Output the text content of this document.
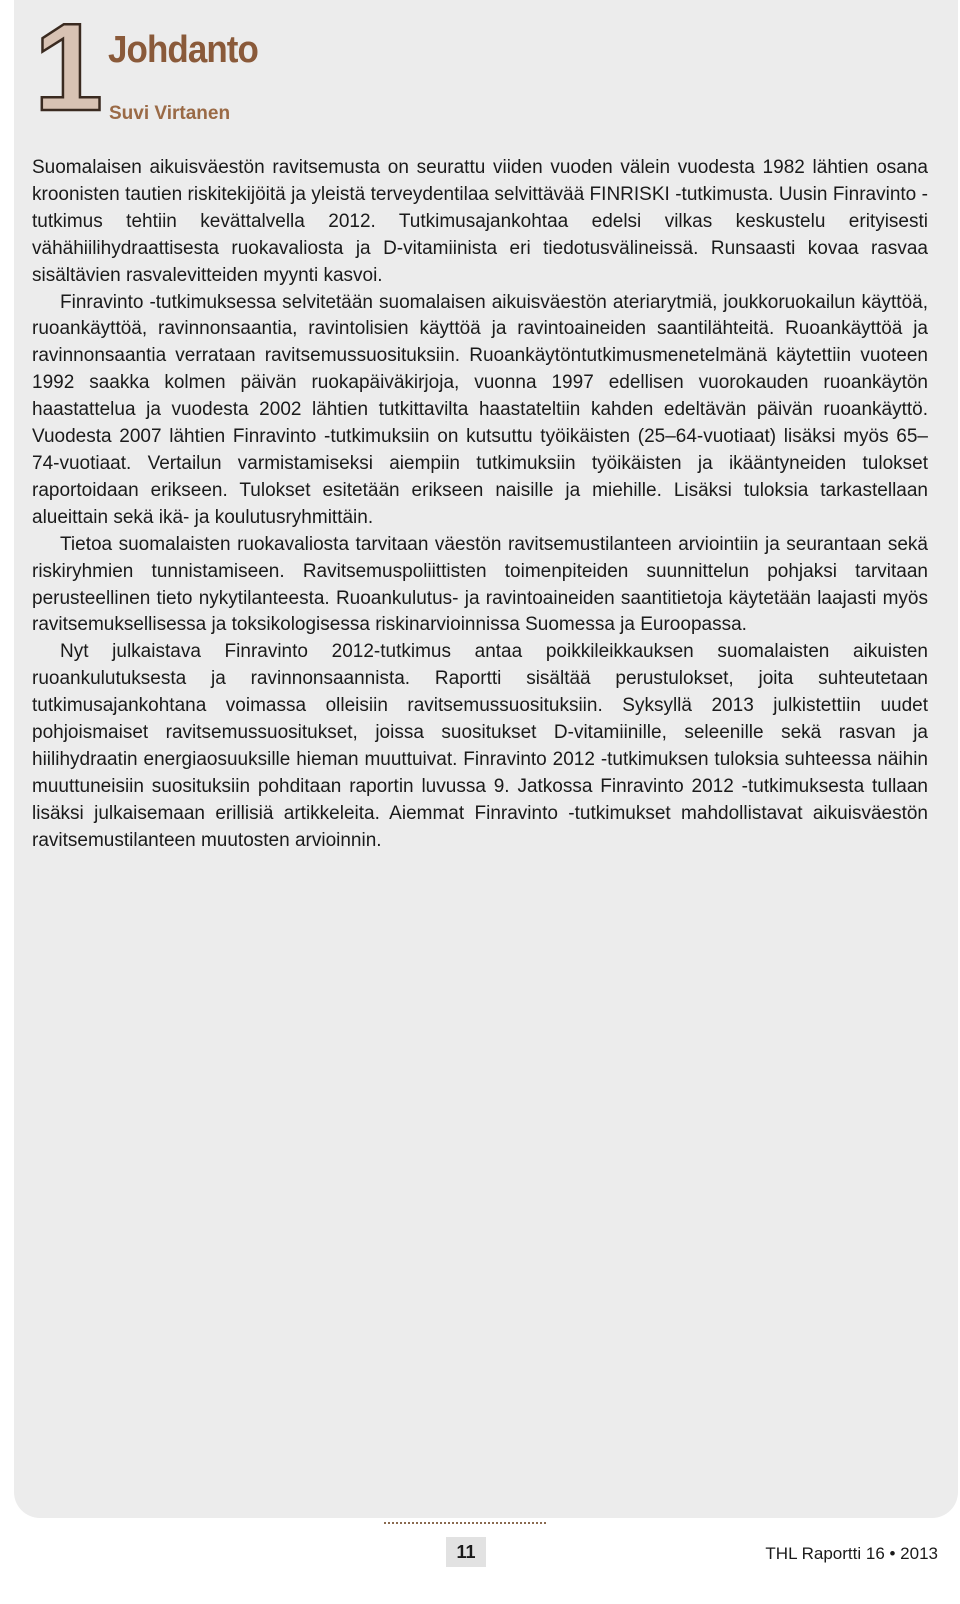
1 Johdanto
Suvi Virtanen

Suomalaisen aikuisväestön ravitsemusta on seurattu viiden vuoden välein vuodesta 1982 lähtien osana kroonisten tautien riskitekijöitä ja yleistä terveydentilaa selvittävää FINRISKI -tutkimusta. Uusin Finravinto -tutkimus tehtiin kevättalvella 2012. Tutkimusajankohtaa edelsi vilkas keskustelu erityisesti vähähiilihydraattisesta ruokavaliosta ja D-vitamiinista eri tiedotusvälineissä. Runsaasti kovaa rasvaa sisältävien rasvalevitteiden myynti kasvoi.

Finravinto -tutkimuksessa selvitetään suomalaisen aikuisväestön ateriarytmiä, joukkoruokailun käyttöä, ruoankäyttöä, ravinnonsaantia, ravintolisien käyttöä ja ravintoaineiden saantilähteitä. Ruoankäyttöä ja ravinnonsaantia verrataan ravitsemussuosituksiin. Ruoankäytöntutkimusmenetelmänä käytettiin vuoteen 1992 saakka kolmen päivän ruokapäiväkirjoja, vuonna 1997 edellisen vuorokauden ruoankäytön haastattelua ja vuodesta 2002 lähtien tutkittavilta haastateltiin kahden edeltävän päivän ruoankäyttö. Vuodesta 2007 lähtien Finravinto -tutkimuksiin on kutsuttu työikäisten (25–64-vuotiaat) lisäksi myös 65–74-vuotiaat. Vertailun varmistamiseksi aiempiin tutkimuksiin työikäisten ja ikääntyneiden tulokset raportoidaan erikseen. Tulokset esitetään erikseen naisille ja miehille. Lisäksi tuloksia tarkastellaan alueittain sekä ikä- ja koulutusryhmittäin.

Tietoa suomalaisten ruokavaliosta tarvitaan väestön ravitsemustilanteen arviointiin ja seurantaan sekä riskiryhmien tunnistamiseen. Ravitsemuspoliittisten toimenpiteiden suunnittelun pohjaksi tarvitaan perusteellinen tieto nykytilanteesta. Ruoankulutus- ja ravintoaineiden saantitietoja käytetään laajasti myös ravitsemuksellisessa ja toksikologisessa riskinarvioinnissa Suomessa ja Euroopassa.

Nyt julkaistava Finravinto 2012-tutkimus antaa poikkileikkauksen suomalaisten aikuisten ruoankulutuksesta ja ravinnonsaannista. Raportti sisältää perustulokset, joita suhteutetaan tutkimusajankohtana voimassa olleisiin ravitsemussuosituksiin. Syksyllä 2013 julkistettiin uudet pohjoismaiset ravitsemussuositukset, joissa suositukset D-vitamiinille, seleenille sekä rasvan ja hiilihydraatin energiaosuuksille hieman muuttuivat. Finravinto 2012 -tutkimuksen tuloksia suhteessa näihin muuttuneisiin suosituksiin pohditaan raportin luvussa 9. Jatkossa Finravinto 2012 -tutkimuksesta tullaan lisäksi julkaisemaan erillisiä artikkeleita. Aiemmat Finravinto -tutkimukset mahdollistavat aikuisväestön ravitsemustilanteen muutosten arvioinnin.

11	THL Raportti 16 • 2013
